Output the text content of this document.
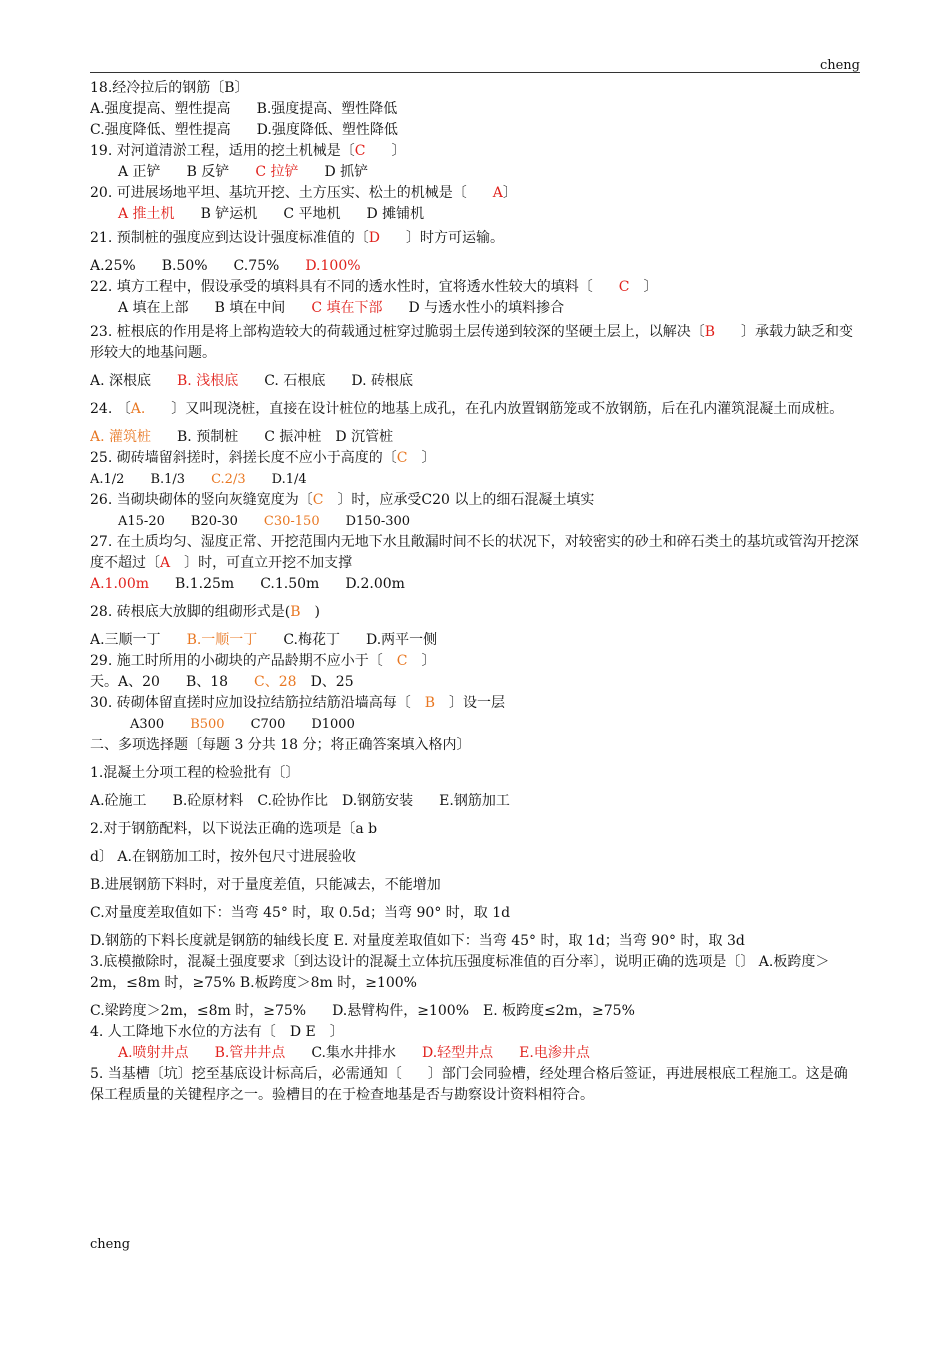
cheng
18.经冷拉后的钢筋〔B〕
A.强度提高、塑性提高 B.强度提高、塑性降低
C.强度降低、塑性提高 D.强度降低、塑性降低
19. 对河道清淤工程，适用的挖土机械是〔C 〕
A 正铲 B 反铲 C 拉铲 D 抓铲
20. 可进展场地平坦、基坑开挖、土方压实、松土的机械是〔 A〕
A 推土机 B 铲运机 C 平地机 D 摊铺机
21. 预制桩的强度应到达设计强度标准值的〔D 〕时方可运输。
A.25% B.50% C.75% D.100%
22. 填方工程中，假设承受的填料具有不同的透水性时，宜将透水性较大的填料〔 C 〕
A 填在上部 B 填在中间 C 填在下部 D 与透水性小的填料掺合
23. 桩根底的作用是将上部构造较大的荷载通过桩穿过脆弱土层传递到较深的坚硬土层上，以解决〔B 〕承载力缺乏和变形较大的地基问题。
A. 深根底 B. 浅根底 C. 石根底 D. 砖根底
24. 〔A. 〕又叫现浇桩，直接在设计桩位的地基上成孔，在孔内放置钢筋笼或不放钢筋，后在孔内灌筑混凝土而成桩。
A. 灌筑桩 B. 预制桩 C 振冲桩 D 沉管桩
25. 砌砖墙留斜搓时，斜搓长度不应小于高度的〔C 〕
A.1/2 B.1/3 C.2/3 D.1/4
26. 当砌块砌体的竖向灰缝宽度为〔C 〕时，应承受C20 以上的细石混凝土填实
A15-20 B20-30 C30-150 D150-300
27. 在土质均匀、湿度正常、开挖范围内无地下水且敞漏时间不长的状况下，对较密实的砂土和碎石类土的基坑或管沟开挖深度不超过〔A 〕时，可直立开挖不加支撑
A.1.00m B.1.25m C.1.50m D.2.00m
28. 砖根底大放脚的组砌形式是(B )
A.三顺一丁 B.一顺一丁 C.梅花丁 D.两平一侧
29. 施工时所用的小砌块的产品龄期不应小于〔 C 〕
天。A、20 B、18 C、28 D、25
30. 砖砌体留直搓时应加设拉结筋拉结筋沿墙高每〔 B 〕设一层
A300 B500 C700 D1000
二、多项选择题〔每题 3 分共 18 分；将正确答案填入格内〕
1.混凝土分项工程的检验批有〔〕
A.砼施工 B.砼原材料 C.砼协作比 D.钢筋安装 E.钢筋加工
2.对于钢筋配料，以下说法正确的选项是〔a b
d〕 A.在钢筋加工时，按外包尺寸进展验收
B.进展钢筋下料时，对于量度差值，只能减去，不能增加
C.对量度差取值如下：当弯 45° 时，取 0.5d；当弯 90° 时，取 1d
D.钢筋的下料长度就是钢筋的轴线长度 E. 对量度差取值如下：当弯 45° 时，取 1d；当弯 90° 时，取 3d
3.底模撤除时，混凝土强度要求〔到达设计的混凝土立体抗压强度标准值的百分率〕，说明正确的选项是〔〕 A.板跨度＞2m，≤8m 时，≥75% B.板跨度＞8m 时，≥100%
C.梁跨度＞2m，≤8m 时，≥75% D.悬臂构件，≥100% E. 板跨度≤2m，≥75%
4. 人工降地下水位的方法有〔 D E 〕
A.喷射井点 B.管井井点 C.集水井排水 D.轻型井点 E.电渗井点
5. 当基槽〔坑〕挖至基底设计标高后，必需通知〔 〕部门会同验槽，经处理合格后签证，再进展根底工程施工。这是确保工程质量的关键程序之一。验槽目的在于检查地基是否与勘察设计资料相符合。
cheng
